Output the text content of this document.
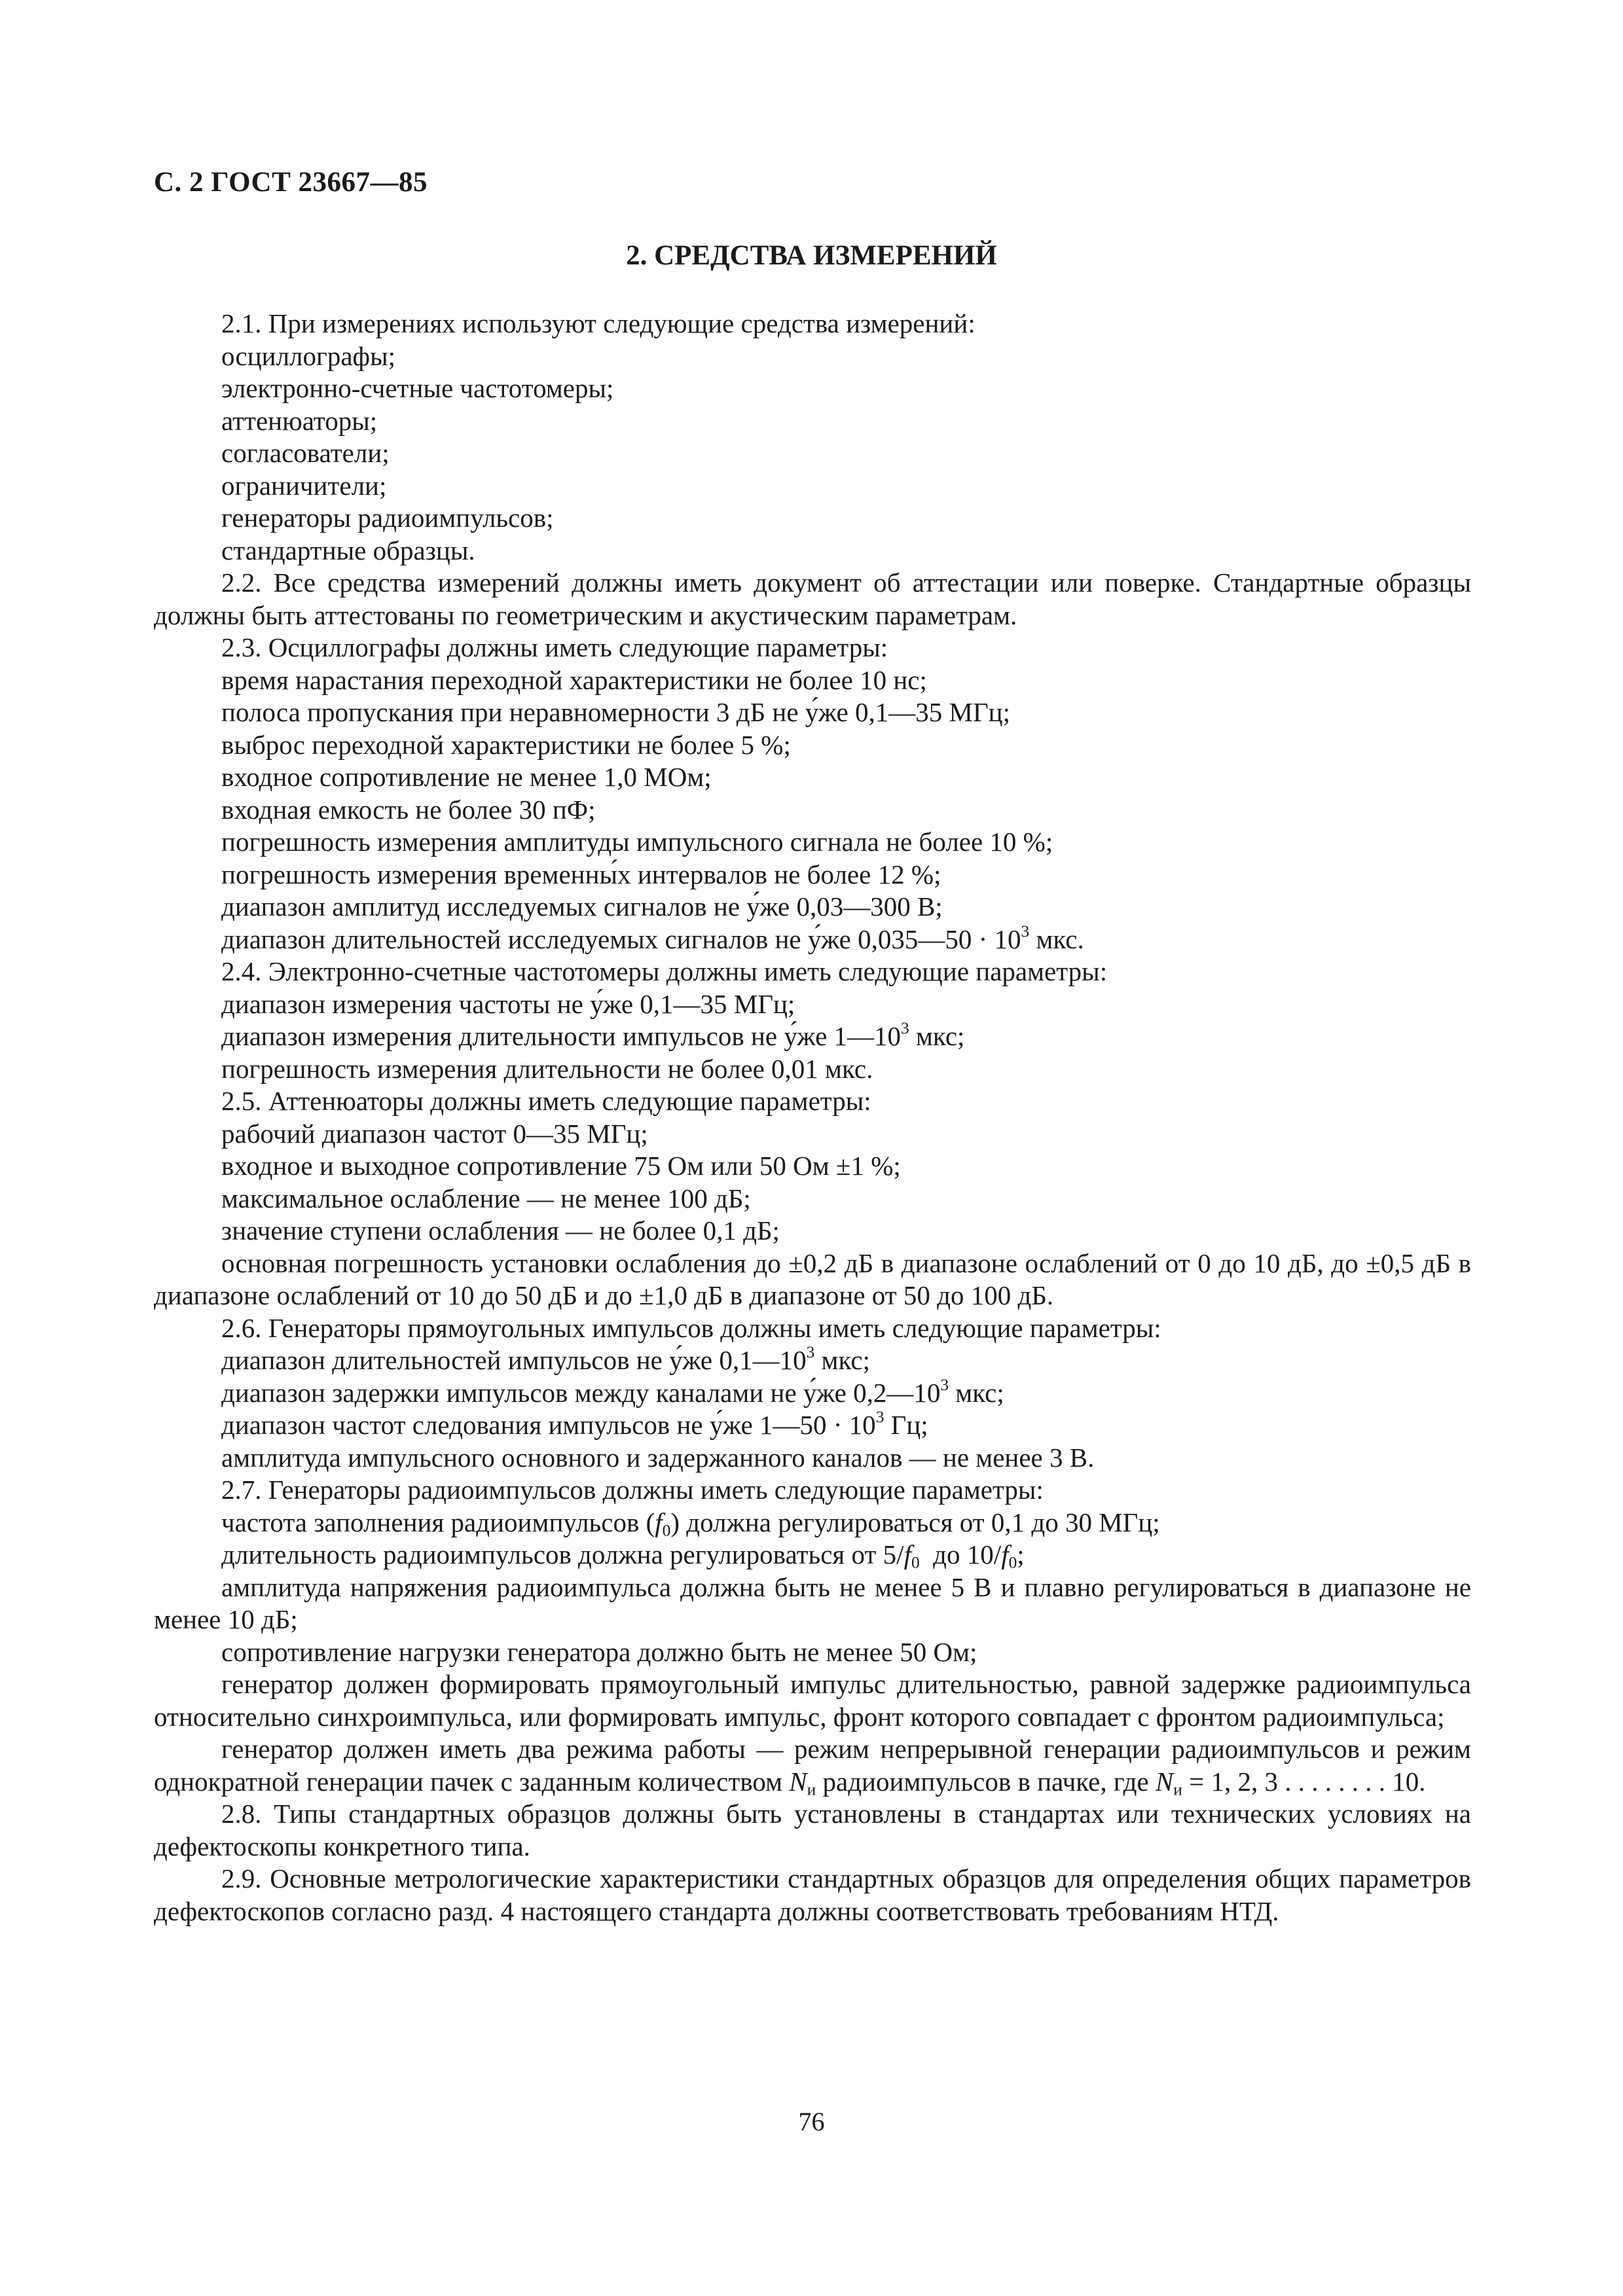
С. 2 ГОСТ 23667—85
2. СРЕДСТВА ИЗМЕРЕНИЙ

2.1. При измерениях используют следующие средства измерений:

осциллографы;

электронно-счетные частотомеры;

аттенюаторы;

согласователи;

ограничители;

генераторы радиоимпульсов;

стандартные образцы.

2.2. Все средства измерений должны иметь документ об аттестации или поверке. Стандартные образцы должны быть аттестованы по геометрическим и акустическим параметрам.

2.3. Осциллографы должны иметь следующие параметры:

время нарастания переходной характеристики не более 10 нс;

полоса пропускания при неравномерности 3 дБ не у́же 0,1—35 МГц;

выброс переходной характеристики не более 5 %;

входное сопротивление не менее 1,0 МОм;

входная емкость не более 30 пФ;

погрешность измерения амплитуды импульсного сигнала не более 10 %;

погрешность измерения временны́х интервалов не более 12 %;

диапазон амплитуд исследуемых сигналов не у́же 0,03—300 В;

диапазон длительностей исследуемых сигналов не у́же 0,035—50 · $10^3$ мкс.

2.4. Электронно-счетные частотомеры должны иметь следующие параметры:

диапазон измерения частоты не у́же 0,1—35 МГц;

диапазон измерения длительности импульсов не у́же $1—10^3$ мкс;

погрешность измерения длительности не более 0,01 мкс.

2.5. Аттенюаторы должны иметь следующие параметры:

рабочий диапазон частот 0—35 МГц;

входное и выходное сопротивление 75 Ом или 50 Ом ±1 %;

максимальное ослабление — не менее 100 дБ;

значение ступени ослабления — не более 0,1 дБ;

основная погрешность установки ослабления до ±0,2 дБ в диапазоне ослаблений от 0 до 10 дБ, до ±0,5 дБ в диапазоне ослаблений от 10 до 50 дБ и до ±1,0 дБ в диапазоне от 50 до 100 дБ.

2.6. Генераторы прямоугольных импульсов должны иметь следующие параметры:

диапазон длительностей импульсов не у́же $0,1—10^3$ мкс;

диапазон задержки импульсов между каналами не у́же $0,2—10^3$ мкс;

диапазон частот следования импульсов не у́же 1—50 · $10^3$ Гц;

амплитуда импульсного основного и задержанного каналов — не менее 3 В.

2.7. Генераторы радиоимпульсов должны иметь следующие параметры:

частота заполнения радиоимпульсов $(f_0)$ должна регулироваться от 0,1 до 30 МГц;

длительность радиоимпульсов должна регулироваться от $5/f_0$  до $10/f_0$;

амплитуда напряжения радиоимпульса должна быть не менее 5 В и плавно регулироваться в диапазоне не менее 10 дБ;

сопротивление нагрузки генератора должно быть не менее 50 Ом;

генератор должен формировать прямоугольный импульс длительностью, равной задержке радиоимпульса относительно синхроимпульса, или формировать импульс, фронт которого совпадает с фронтом радиоимпульса;

генератор должен иметь два режима работы — режим непрерывной генерации радиоимпульсов и режим однократной генерации пачек с заданным количеством $N_и$ радиоимпульсов в пачке, где $N_и = 1$, 2, 3 . . . . . . . . 10.

2.8. Типы стандартных образцов должны быть установлены в стандартах или технических условиях на дефектоскопы конкретного типа.

2.9. Основные метрологические характеристики стандартных образцов для определения общих параметров дефектоскопов согласно разд. 4 настоящего стандарта должны соответствовать требованиям НТД.

76
